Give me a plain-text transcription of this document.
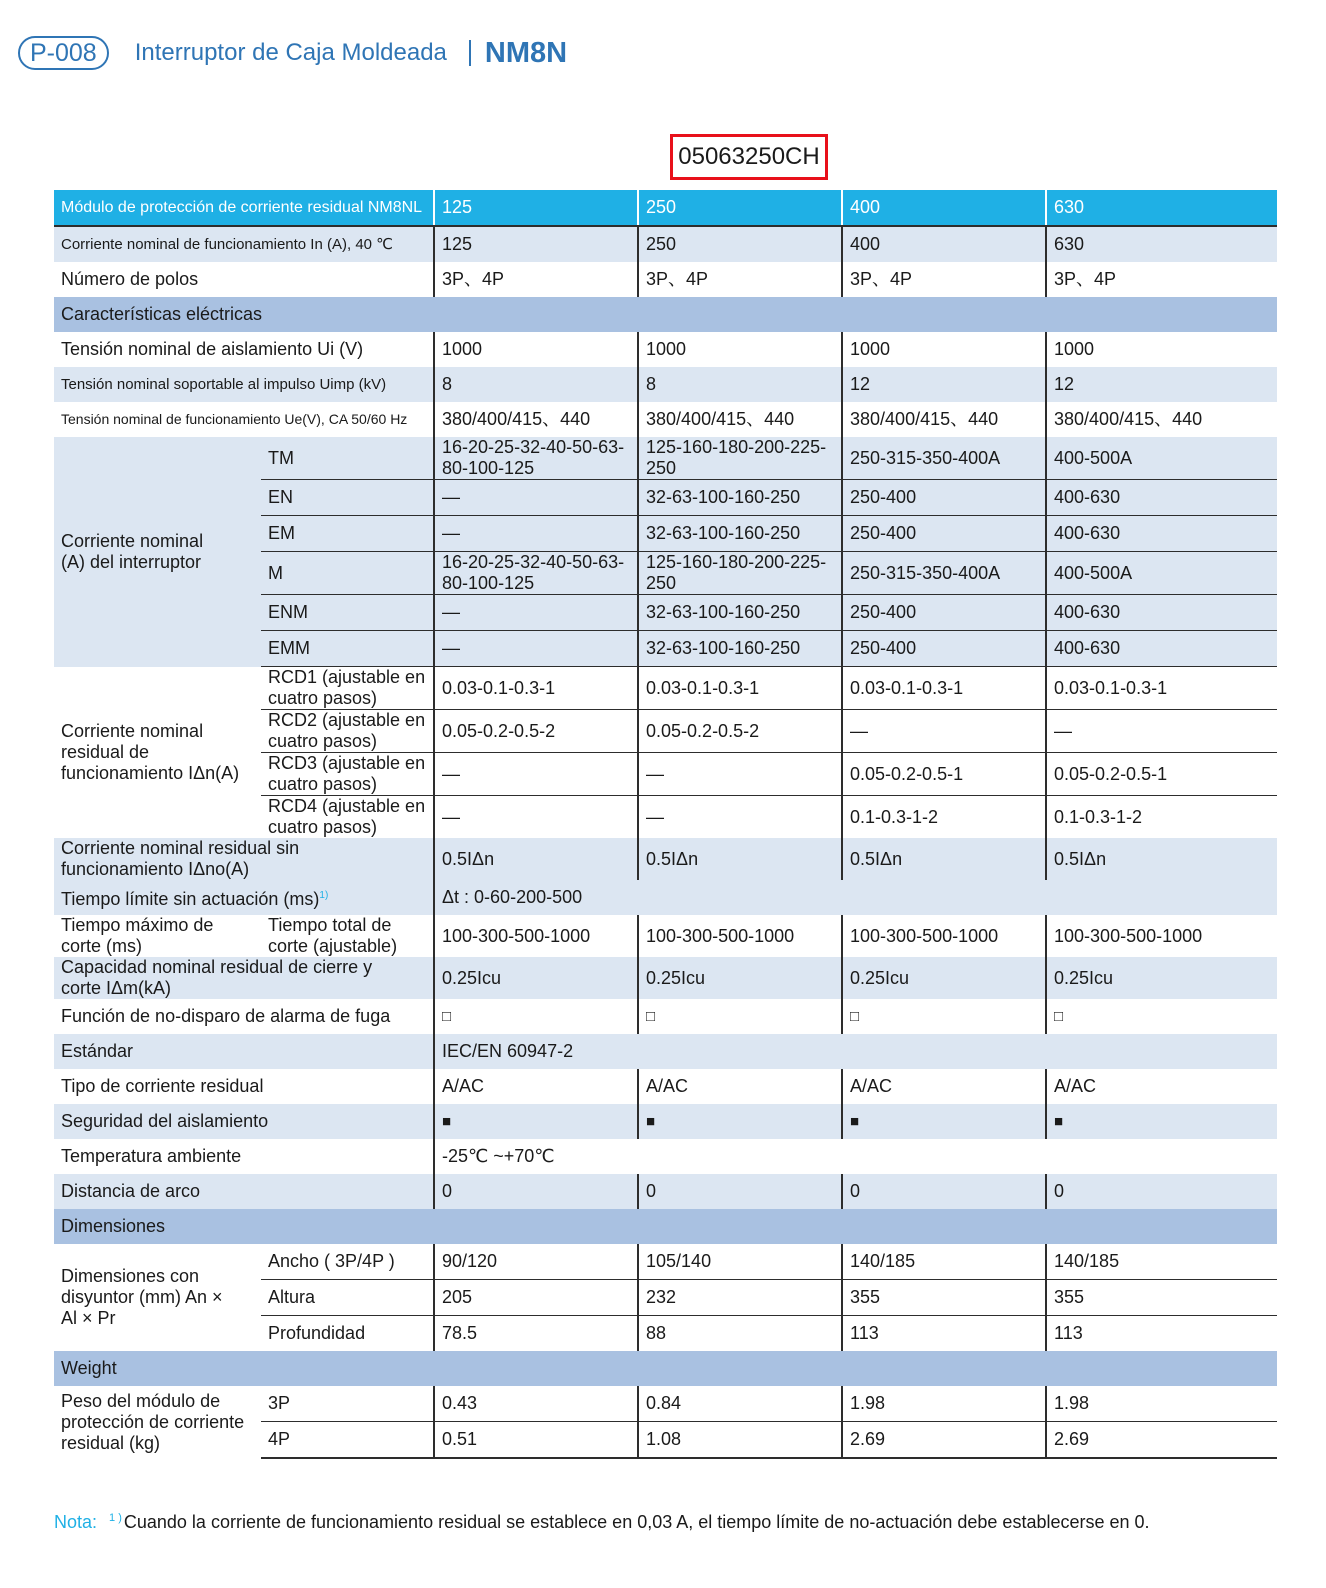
P-008	Interruptor de Caja Moldeada NM8N
05063250CH
Módulo de protección de corriente residual NM8NL		125	250	400	630
Corriente nominal de funcionamiento In (A), 40 ℃		125	250	400	630
Número de polos		3P、4P	3P、4P	3P、4P	3P、4P
Características eléctricas					
Tensión nominal de aislamiento Ui (V)		1000	1000	1000	1000
Tensión nominal soportable al impulso Uimp (kV)		8	8	12	12
Tensión nominal de funcionamiento Ue(V), CA 50/60 Hz		380/400/415、440	380/400/415、440	380/400/415、440	380/400/415、440
Corriente nominal (A) del interruptor	TM	16-20-25-32-40-50-63-80-100-125	125-160-180-200-225-250	250-315-350-400A	400-500A
	EN	—	32-63-100-160-250	250-400	400-630
	EM	—	32-63-100-160-250	250-400	400-630
	M	16-20-25-32-40-50-63-80-100-125	125-160-180-200-225-250	250-315-350-400A	400-500A
	ENM	—	32-63-100-160-250	250-400	400-630
	EMM	—	32-63-100-160-250	250-400	400-630
Corriente nominal residual de funcionamiento IΔn(A)	RCD1 (ajustable en cuatro pasos)	0.03-0.1-0.3-1	0.03-0.1-0.3-1	0.03-0.1-0.3-1	0.03-0.1-0.3-1
	RCD2 (ajustable en cuatro pasos)	0.05-0.2-0.5-2	0.05-0.2-0.5-2	—	—
	RCD3 (ajustable en cuatro pasos)	—	—	0.05-0.2-0.5-1	0.05-0.2-0.5-1
	RCD4 (ajustable en cuatro pasos)	—	—	0.1-0.3-1-2	0.1-0.3-1-2
Corriente nominal residual sin funcionamiento IΔno(A)		0.5IΔn	0.5IΔn	0.5IΔn	0.5IΔn
Tiempo límite sin actuación (ms)$^{1)}$		Δt : 0-60-200-500			
Tiempo máximo de corte (ms)	Tiempo total de corte (ajustable)	100-300-500-1000	100-300-500-1000	100-300-500-1000	100-300-500-1000
Capacidad nominal residual de cierre y corte IΔm(kA)		0.25Icu	0.25Icu	0.25Icu	0.25Icu
Función de no-disparo de alarma de fuga		□	□	□	□
Estándar		IEC/EN 60947-2			
Tipo de corriente residual		A/AC	A/AC	A/AC	A/AC
Seguridad del aislamiento		■	■	■	■
Temperatura ambiente		-25℃ ~+70℃			
Distancia de arco		0	0	0	0
Dimensiones					
Dimensiones con disyuntor (mm) An × Al × Pr	Ancho ( 3P/4P )	90/120	105/140	140/185	140/185
	Altura	205	232	355	355
	Profundidad	78.5	88	113	113
Weight					
Peso del módulo de protección de corriente residual (kg)	3P	0.43	0.84	1.98	1.98
	4P	0.51	1.08	2.69	2.69
Nota: $^{1 )}$ Cuando la corriente de funcionamiento residual se establece en 0,03 A, el tiempo límite de no-actuación debe establecerse en 0.
